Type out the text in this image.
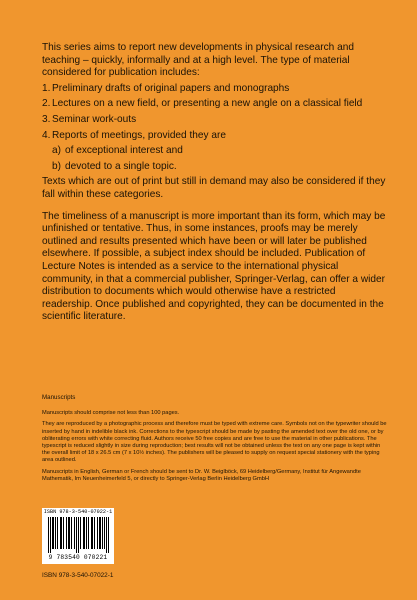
This series aims to report new developments in physical research and teaching – quickly, informally and at a high level. The type of material considered for publication includes:

1. Preliminary drafts of original papers and monographs
2. Lectures on a new field, or presenting a new angle on a classical field
3. Seminar work-outs
4. Reports of meetings, provided they are
a) of exceptional interest and
b) devoted to a single topic.

Texts which are out of print but still in demand may also be considered if they fall within these categories.

The timeliness of a manuscript is more important than its form, which may be unfinished or tentative. Thus, in some instances, proofs may be merely outlined and results presented which have been or will later be published elsewhere. If possible, a subject index should be included. Publication of Lecture Notes is intended as a service to the international physical community, in that a commercial publisher, Springer-Verlag, can offer a wider distribution to documents which would otherwise have a restricted readership. Once published and copyrighted, they can be documented in the scientific literature.

Manuscripts

Manuscripts should comprise not less than 100 pages.

They are reproduced by a photographic process and therefore must be typed with extreme care. Symbols not on the typewriter should be inserted by hand in indelible black ink. Corrections to the typescript should be made by pasting the amended text over the old one, or by obliterating errors with white correcting fluid. Authors receive 50 free copies and are free to use the material in other publications. The typescript is reduced slightly in size during reproduction; best results will not be obtained unless the text on any one page is kept within the overall limit of 18 x 26.5 cm (7 x 10½ inches). The publishers will be pleased to supply on request special stationery with the typing area outlined.

Manuscripts in English, German or French should be sent to Dr. W. Beiglböck, 69 Heidelberg/Germany, Institut für Angewandte Mathematik, Im Neuenheimerfeld 5, or directly to Springer-Verlag Berlin Heidelberg GmbH

ISBN 978-3-540-07022-1
9 783540 070221
ISBN 978-3-540-07022-1
